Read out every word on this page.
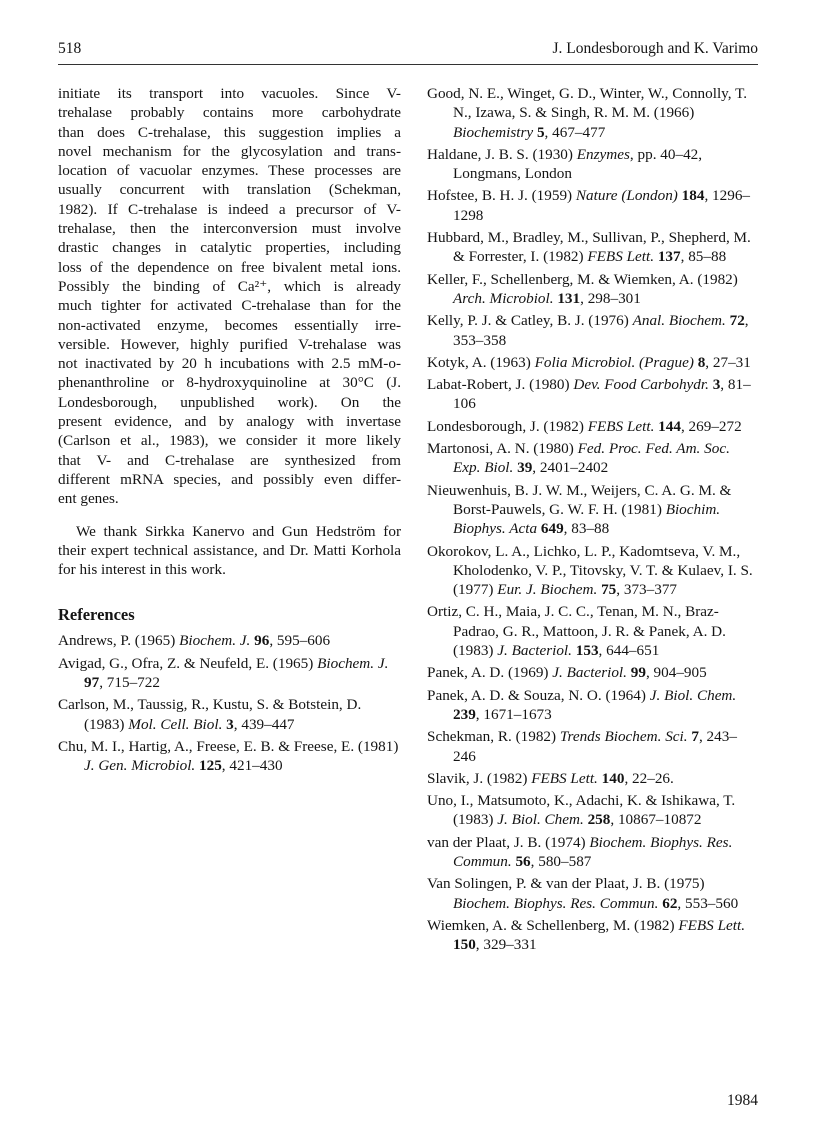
518	J. Londesborough and K. Varimo
initiate its transport into vacuoles. Since V-
trehalase probably contains more carbohydrate
than does C-trehalase, this suggestion implies a
novel mechanism for the glycosylation and trans-
location of vacuolar enzymes. These processes are
usually concurrent with translation (Schekman,
1982). If C-trehalase is indeed a precursor of V-
trehalase, then the interconversion must involve
drastic changes in catalytic properties, including
loss of the dependence on free bivalent metal ions.
Possibly the binding of Ca²⁺, which is already
much tighter for activated C-trehalase than for the
non-activated enzyme, becomes essentially irre-
versible. However, highly purified V-trehalase was
not inactivated by 20 h incubations with 2.5 mM-o-
phenanthroline or 8-hydroxyquinoline at 30°C (J.
Londesborough, unpublished work). On the
present evidence, and by analogy with invertase
(Carlson et al., 1983), we consider it more likely
that V- and C-trehalase are synthesized from
different mRNA species, and possibly even differ-
ent genes.
We thank Sirkka Kanervo and Gun Hedström for
their expert technical assistance, and Dr. Matti Korhola
for his interest in this work.
References
Andrews, P. (1965) Biochem. J. 96, 595–606
Avigad, G., Ofra, Z. & Neufeld, E. (1965) Biochem. J. 97, 715–722
Carlson, M., Taussig, R., Kustu, S. & Botstein, D. (1983) Mol. Cell. Biol. 3, 439–447
Chu, M. I., Hartig, A., Freese, E. B. & Freese, E. (1981) J. Gen. Microbiol. 125, 421–430
Good, N. E., Winget, G. D., Winter, W., Connolly, T. N., Izawa, S. & Singh, R. M. M. (1966) Biochemistry 5, 467–477
Haldane, J. B. S. (1930) Enzymes, pp. 40–42, Longmans, London
Hofstee, B. H. J. (1959) Nature (London) 184, 1296–1298
Hubbard, M., Bradley, M., Sullivan, P., Shepherd, M. & Forrester, I. (1982) FEBS Lett. 137, 85–88
Keller, F., Schellenberg, M. & Wiemken, A. (1982) Arch. Microbiol. 131, 298–301
Kelly, P. J. & Catley, B. J. (1976) Anal. Biochem. 72, 353–358
Kotyk, A. (1963) Folia Microbiol. (Prague) 8, 27–31
Labat-Robert, J. (1980) Dev. Food Carbohydr. 3, 81–106
Londesborough, J. (1982) FEBS Lett. 144, 269–272
Martonosi, A. N. (1980) Fed. Proc. Fed. Am. Soc. Exp. Biol. 39, 2401–2402
Nieuwenhuis, B. J. W. M., Weijers, C. A. G. M. & Borst-Pauwels, G. W. F. H. (1981) Biochim. Biophys. Acta 649, 83–88
Okorokov, L. A., Lichko, L. P., Kadomtseva, V. M., Kholodenko, V. P., Titovsky, V. T. & Kulaev, I. S. (1977) Eur. J. Biochem. 75, 373–377
Ortiz, C. H., Maia, J. C. C., Tenan, M. N., Braz-Padrao, G. R., Mattoon, J. R. & Panek, A. D. (1983) J. Bacteriol. 153, 644–651
Panek, A. D. (1969) J. Bacteriol. 99, 904–905
Panek, A. D. & Souza, N. O. (1964) J. Biol. Chem. 239, 1671–1673
Schekman, R. (1982) Trends Biochem. Sci. 7, 243–246
Slavik, J. (1982) FEBS Lett. 140, 22–26.
Uno, I., Matsumoto, K., Adachi, K. & Ishikawa, T. (1983) J. Biol. Chem. 258, 10867–10872
van der Plaat, J. B. (1974) Biochem. Biophys. Res. Commun. 56, 580–587
Van Solingen, P. & van der Plaat, J. B. (1975) Biochem. Biophys. Res. Commun. 62, 553–560
Wiemken, A. & Schellenberg, M. (1982) FEBS Lett. 150, 329–331
1984
